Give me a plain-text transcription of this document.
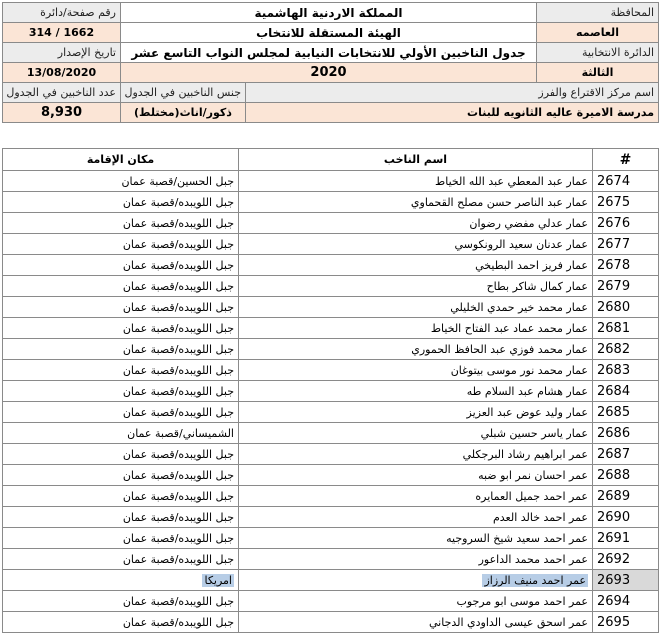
المحافظة	المملكة الاردنية الهاشمية		رقم صفحة/دائرة
العاصمه	الهيئة المستقلة للانتخاب		314 / 1662
الدائرة الانتخابية	جدول الناخبين الأولي للانتخابات النيابية لمجلس النواب التاسع عشر		تاريخ الإصدار
الثالثة	2020		13/08/2020
اسم مركز الاقتراع والفرز		جنس الناخبين في الجدول	عدد الناخبين في الجدول
مدرسة الاميرة عاليه الثانويه للبنات		ذكور/اناث(مختلط)	8,930
#	اسم الناخب	مكان الإقامة
2674	عمار عبد المعطي عبد الله الخياط	جبل الحسين/قصبة عمان
2675	عمار عبد الناصر حسن مصلح القحماوي	جبل اللويبده/قصبة عمان
2676	عمار عدلي مفضي رضوان	جبل اللويبده/قصبة عمان
2677	عمار عدنان سعيد الرونكوسي	جبل اللويبده/قصبة عمان
2678	عمار فريز احمد البطيخي	جبل اللويبده/قصبة عمان
2679	عمار كمال شاكر بطاح	جبل اللويبده/قصبة عمان
2680	عمار محمد خير حمدي الخليلي	جبل اللويبده/قصبة عمان
2681	عمار محمد عماد عبد الفتاح الخياط	جبل اللويبده/قصبة عمان
2682	عمار محمد فوزي عبد الحافظ الحموري	جبل اللويبده/قصبة عمان
2683	عمار محمد نور موسى بيتوغان	جبل اللويبده/قصبة عمان
2684	عمار هشام عبد السلام طه	جبل اللويبده/قصبة عمان
2685	عمار وليد عوض عبد العزيز	جبل اللويبده/قصبة عمان
2686	عمار ياسر حسين شبلي	الشميساني/قصبة عمان
2687	عمر ابراهيم رشاد البرجكلي	جبل اللويبده/قصبة عمان
2688	عمر احسان نمر ابو ضبه	جبل اللويبده/قصبة عمان
2689	عمر احمد جميل العمايره	جبل اللويبده/قصبة عمان
2690	عمر احمد خالد العدم	جبل اللويبده/قصبة عمان
2691	عمر احمد سعيد شيخ السروجيه	جبل اللويبده/قصبة عمان
2692	عمر احمد محمد الداعور	جبل اللويبده/قصبة عمان
2693	عمر احمد منيف الرزاز	امريكا
2694	عمر احمد موسى ابو مرجوب	جبل اللويبده/قصبة عمان
2695	عمر اسحق عيسى الداودي الدجاني	جبل اللويبده/قصبة عمان
